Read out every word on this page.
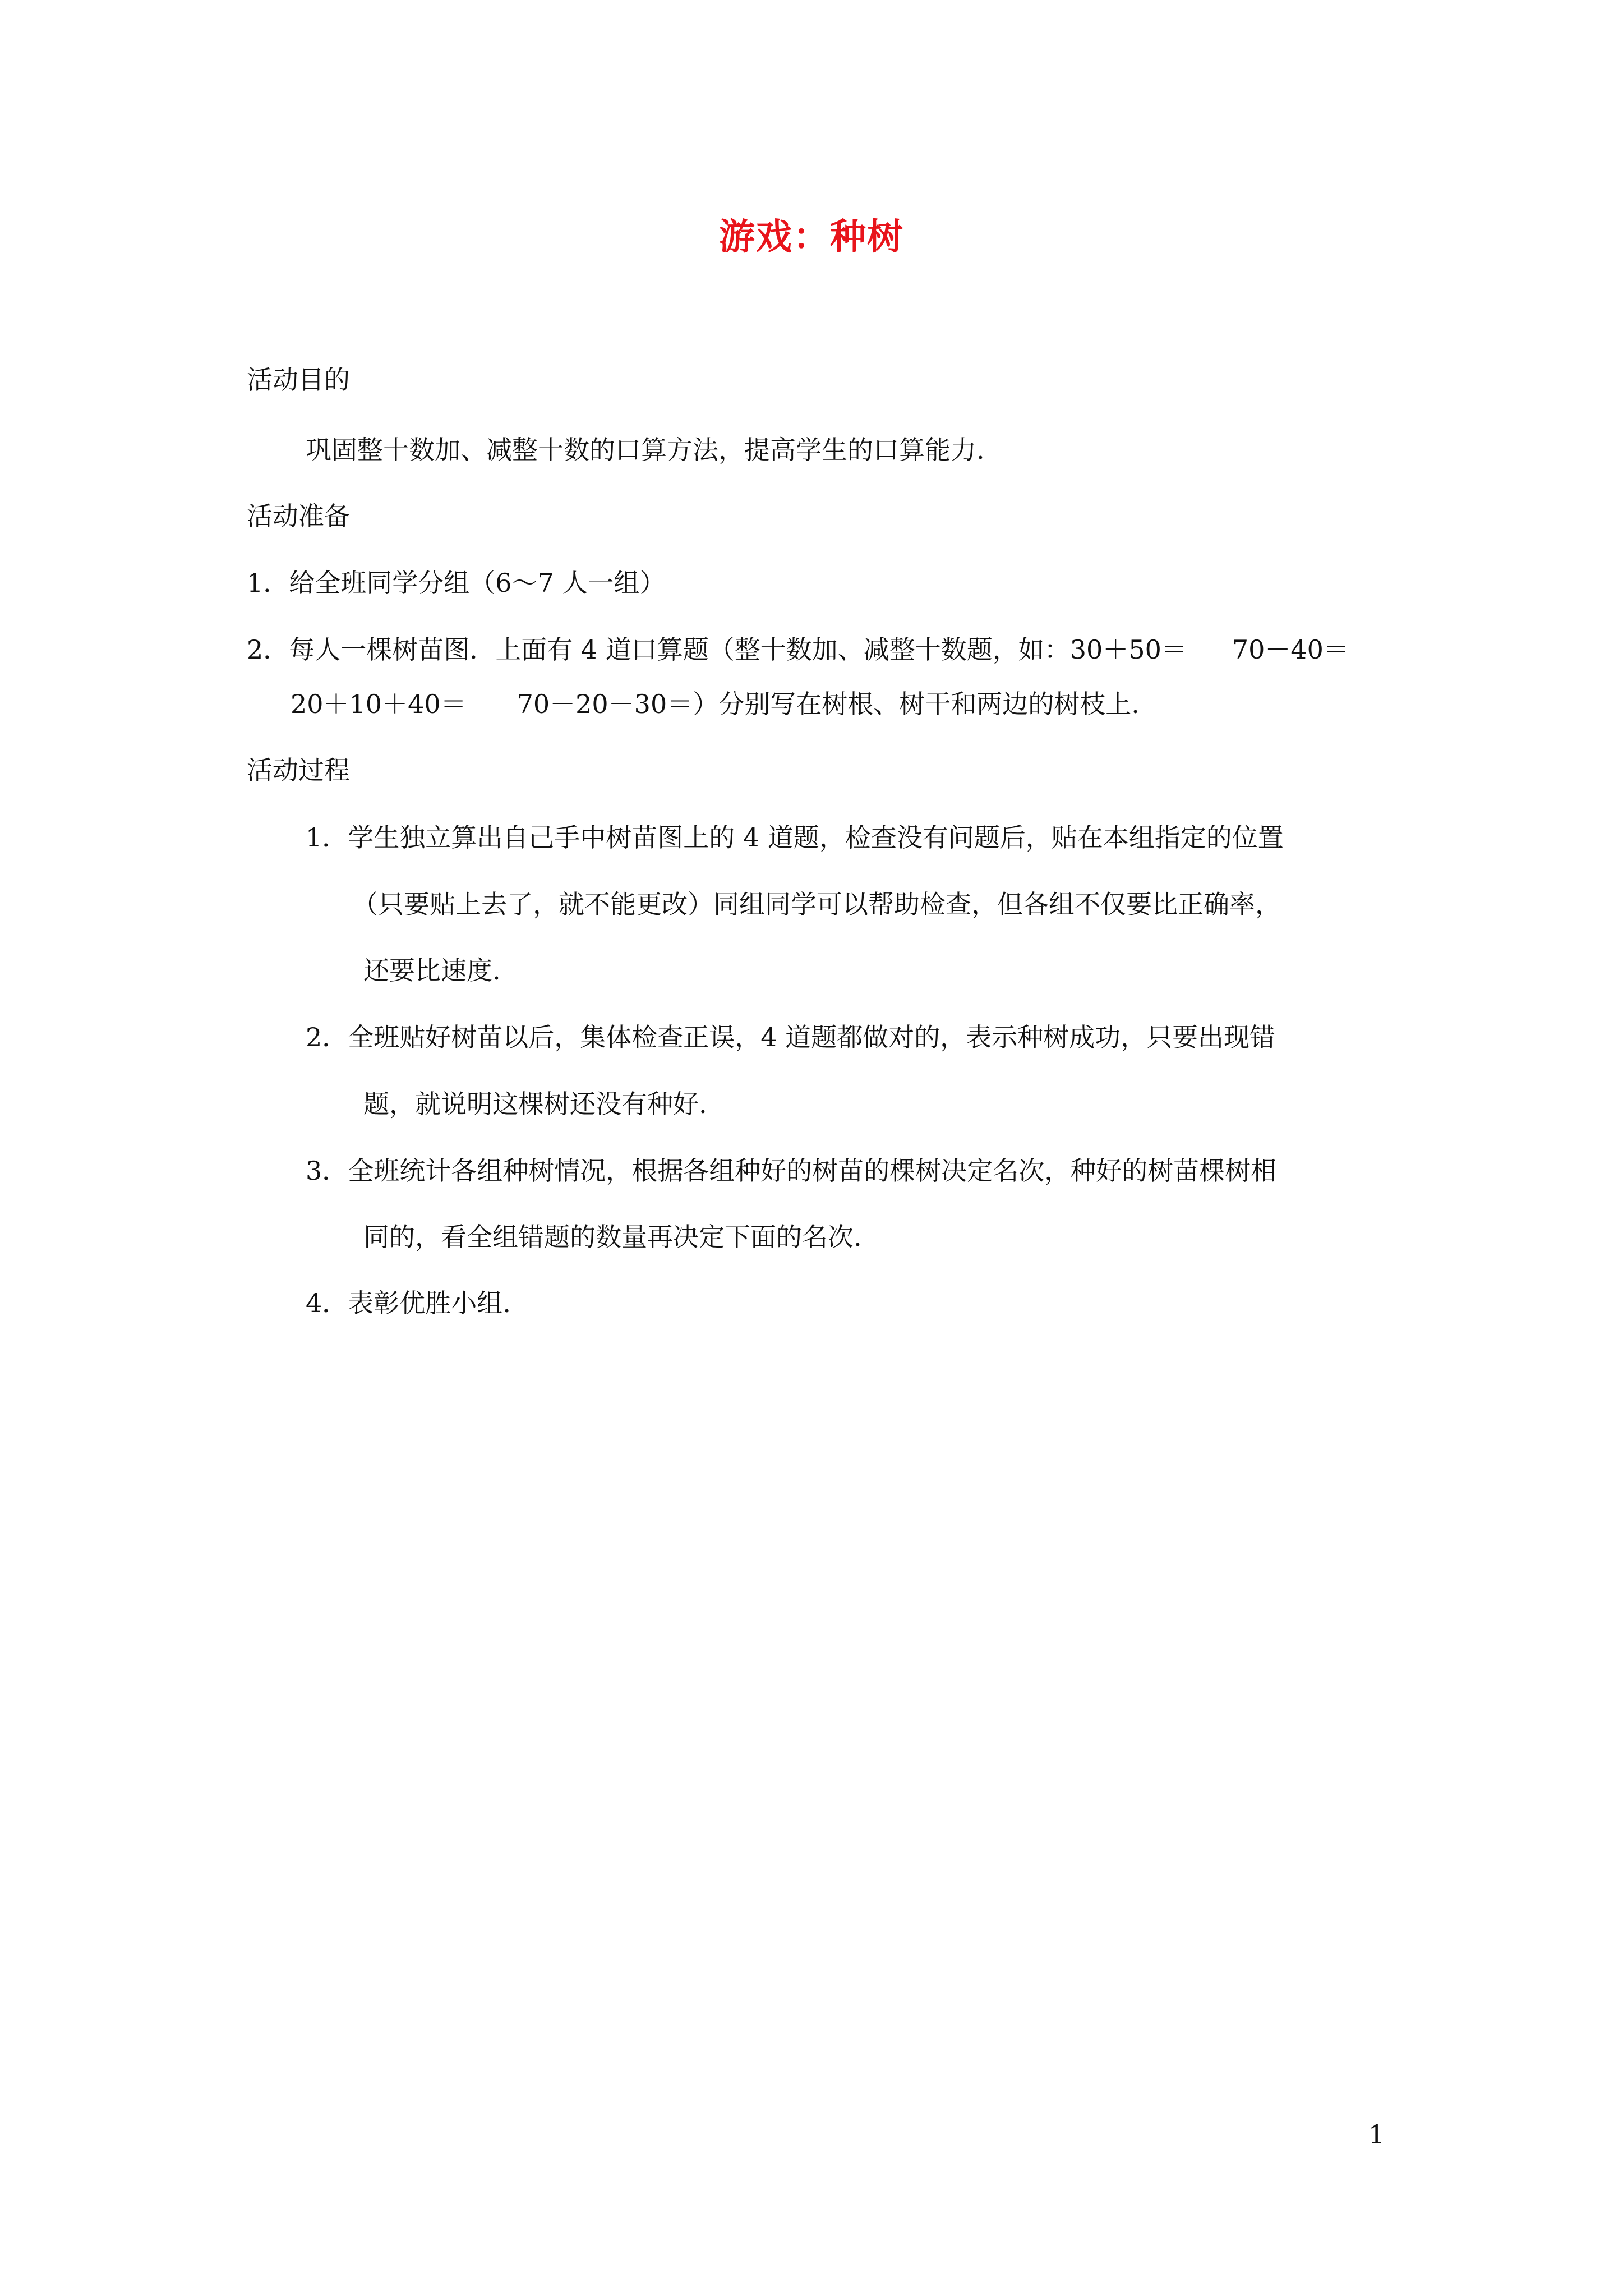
游戏：种树
活动目的
巩固整十数加、减整十数的口算方法，提高学生的口算能力.
活动准备
1．给全班同学分组（6～7 人一组）
2．每人一棵树苗图．上面有 4 道口算题（整十数加、减整十数题，如：30＋50＝ 70－40＝
20＋10＋40＝ 70－20－30＝）分别写在树根、树干和两边的树枝上.
活动过程
1．学生独立算出自己手中树苗图上的 4 道题，检查没有问题后，贴在本组指定的位置
（只要贴上去了，就不能更改）同组同学可以帮助检查，但各组不仅要比正确率，
还要比速度.
2．全班贴好树苗以后，集体检查正误，4 道题都做对的，表示种树成功，只要出现错
题，就说明这棵树还没有种好.
3．全班统计各组种树情况，根据各组种好的树苗的棵树决定名次，种好的树苗棵树相
同的，看全组错题的数量再决定下面的名次.
4．表彰优胜小组.
1
